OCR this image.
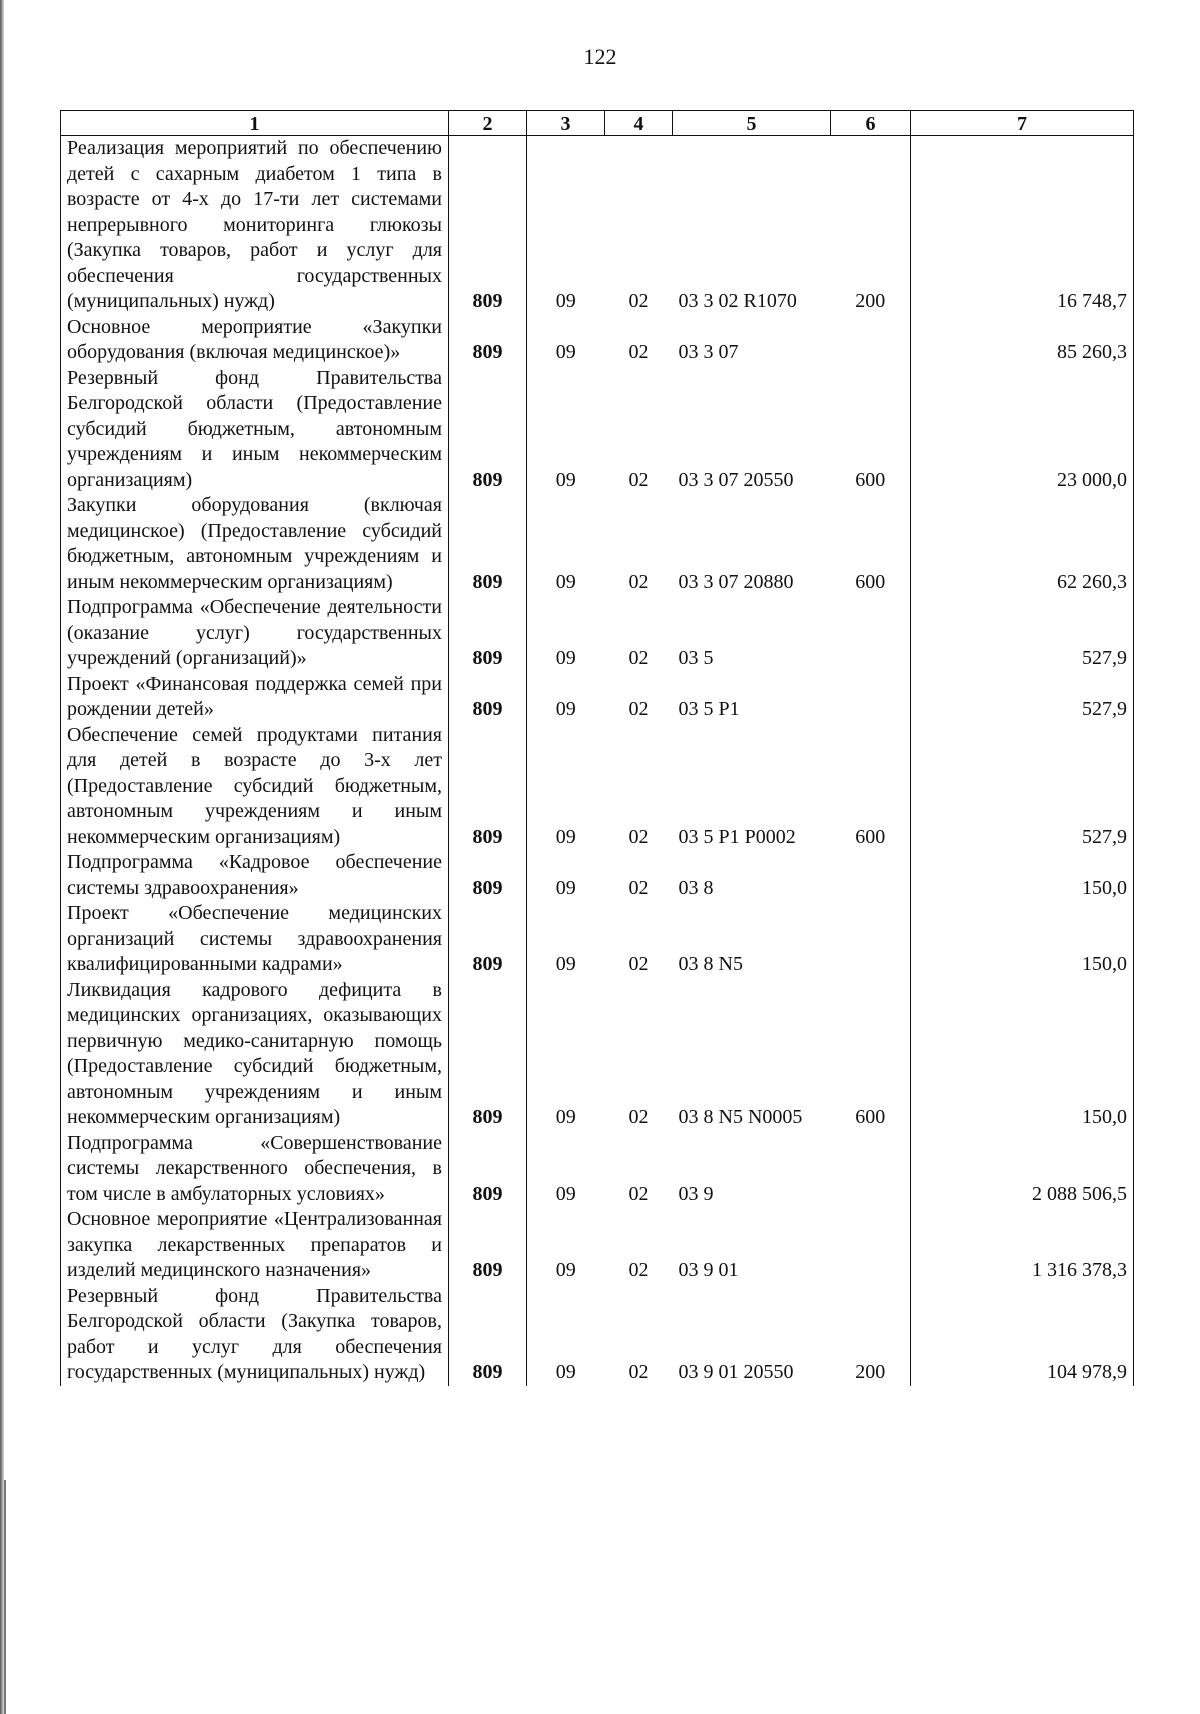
122
1	2	3	4	5	6	7
Реализация мероприятий по обеспечению детей с сахарным диабетом 1 типа в возрасте от 4-х до 17-ти лет системами непрерывного мониторинга глюкозы (Закупка товаров, работ и услуг для обеспечения государственных (муниципальных) нужд)	809	09	02	03 3 02 R1070	200	16 748,7
Основное мероприятие «Закупки оборудования (включая медицинское)»	809	09	02	03 3 07		85 260,3
Резервный фонд Правительства Белгородской области (Предоставление субсидий бюджетным, автономным учреждениям и иным некоммерческим организациям)	809	09	02	03 3 07 20550	600	23 000,0
Закупки оборудования (включая медицинское) (Предоставление субсидий бюджетным, автономным учреждениям и иным некоммерческим организациям)	809	09	02	03 3 07 20880	600	62 260,3
Подпрограмма «Обеспечение деятельности (оказание услуг) государственных учреждений (организаций)»	809	09	02	03 5		527,9
Проект «Финансовая поддержка семей при рождении детей»	809	09	02	03 5 P1		527,9
Обеспечение семей продуктами питания для детей в возрасте до 3-х лет (Предоставление субсидий бюджетным, автономным учреждениям и иным некоммерческим организациям)	809	09	02	03 5 P1 P0002	600	527,9
Подпрограмма «Кадровое обеспечение системы здравоохранения»	809	09	02	03 8		150,0
Проект «Обеспечение медицинских организаций системы здравоохранения квалифицированными кадрами»	809	09	02	03 8 N5		150,0
Ликвидация кадрового дефицита в медицинских организациях, оказывающих первичную медико-санитарную помощь (Предоставление субсидий бюджетным, автономным учреждениям и иным некоммерческим организациям)	809	09	02	03 8 N5 N0005	600	150,0
Подпрограмма «Совершенствование системы лекарственного обеспечения, в том числе в амбулаторных условиях»	809	09	02	03 9		2 088 506,5
Основное мероприятие «Централизованная закупка лекарственных препаратов и изделий медицинского назначения»	809	09	02	03 9 01		1 316 378,3
Резервный фонд Правительства Белгородской области (Закупка товаров, работ и услуг для обеспечения государственных (муниципальных) нужд)	809	09	02	03 9 01 20550	200	104 978,9
